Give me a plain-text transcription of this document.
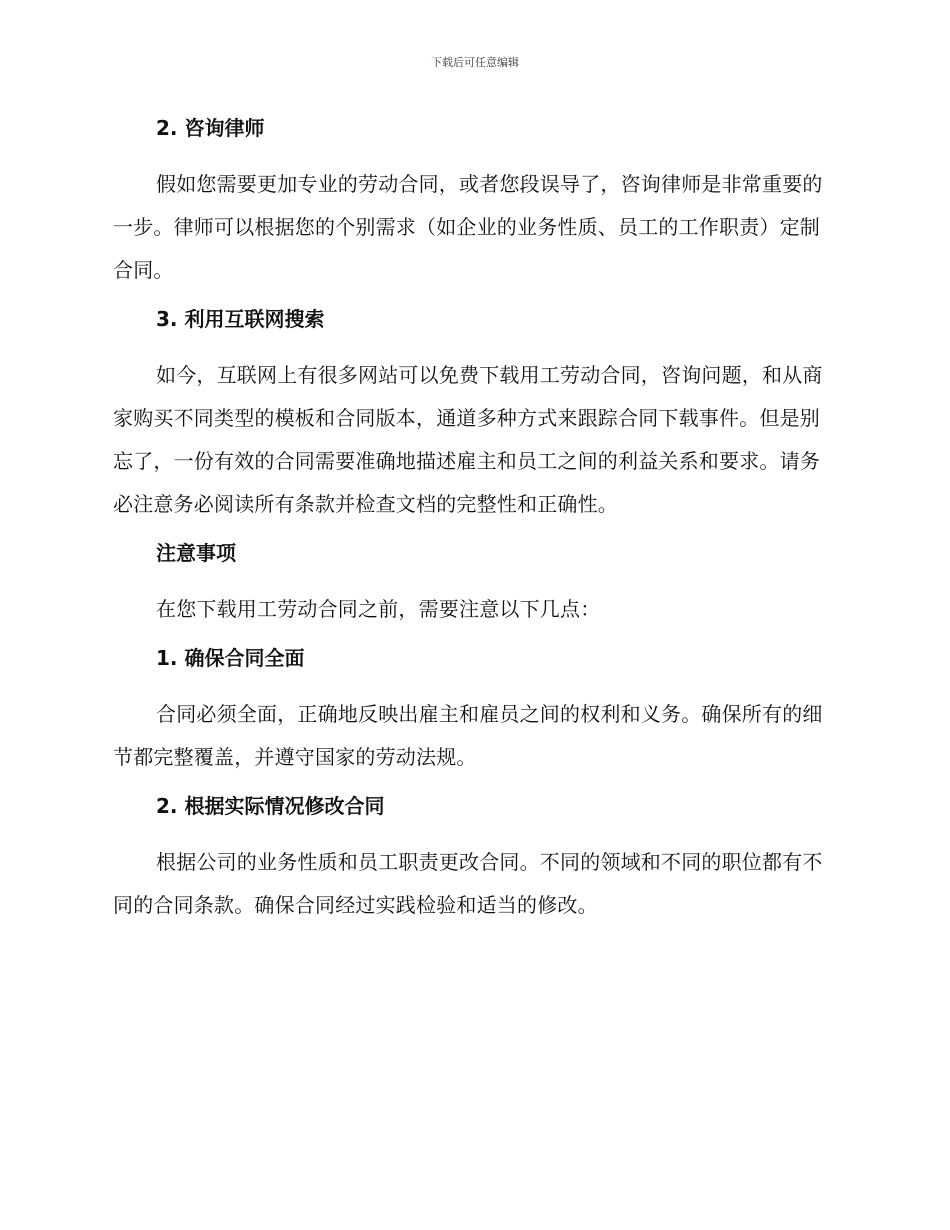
下载后可任意编辑
2. 咨询律师
假如您需要更加专业的劳动合同，或者您段误导了，咨询律师是非常重要的一步。律师可以根据您的个别需求（如企业的业务性质、员工的工作职责）定制合同。
3. 利用互联网搜索
如今，互联网上有很多网站可以免费下载用工劳动合同，咨询问题，和从商家购买不同类型的模板和合同版本，通道多种方式来跟踪合同下载事件。但是别忘了，一份有效的合同需要准确地描述雇主和员工之间的利益关系和要求。请务必注意务必阅读所有条款并检查文档的完整性和正确性。
注意事项
在您下载用工劳动合同之前，需要注意以下几点：
1. 确保合同全面
合同必须全面，正确地反映出雇主和雇员之间的权利和义务。确保所有的细节都完整覆盖，并遵守国家的劳动法规。
2. 根据实际情况修改合同
根据公司的业务性质和员工职责更改合同。不同的领域和不同的职位都有不同的合同条款。确保合同经过实践检验和适当的修改。
